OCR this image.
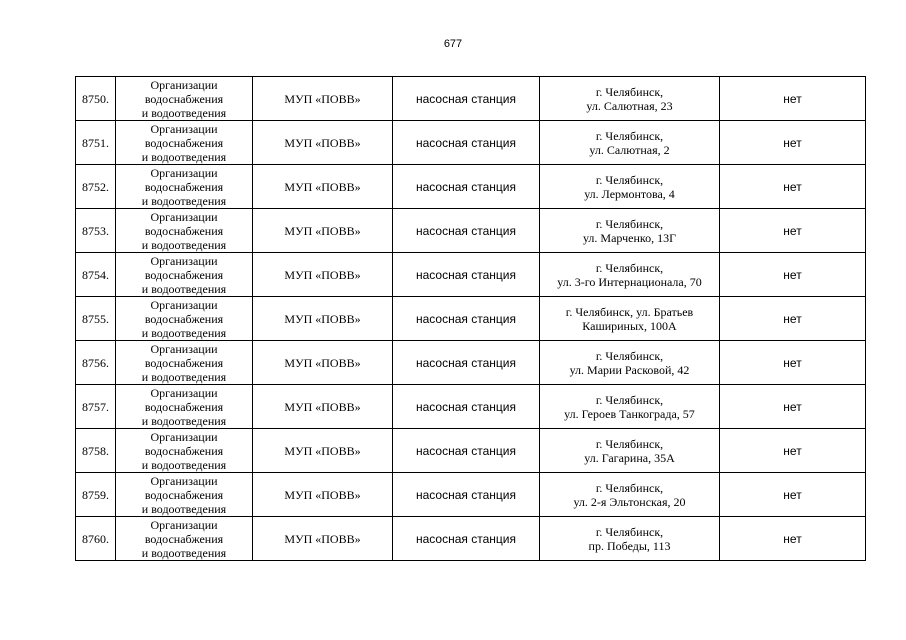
677
8750.	Организации
водоснабжения
и водоотведения	МУП «ПОВВ»	насосная станция	г. Челябинск,
ул. Салютная, 23	нет
8751.	Организации
водоснабжения
и водоотведения	МУП «ПОВВ»	насосная станция	г. Челябинск,
ул. Салютная, 2	нет
8752.	Организации
водоснабжения
и водоотведения	МУП «ПОВВ»	насосная станция	г. Челябинск,
ул. Лермонтова, 4	нет
8753.	Организации
водоснабжения
и водоотведения	МУП «ПОВВ»	насосная станция	г. Челябинск,
ул. Марченко, 13Г	нет
8754.	Организации
водоснабжения
и водоотведения	МУП «ПОВВ»	насосная станция	г. Челябинск,
ул. 3-го Интернационала, 70	нет
8755.	Организации
водоснабжения
и водоотведения	МУП «ПОВВ»	насосная станция	г. Челябинск, ул. Братьев
Кашириных, 100А	нет
8756.	Организации
водоснабжения
и водоотведения	МУП «ПОВВ»	насосная станция	г. Челябинск,
ул. Марии Расковой, 42	нет
8757.	Организации
водоснабжения
и водоотведения	МУП «ПОВВ»	насосная станция	г. Челябинск,
ул. Героев Танкограда, 57	нет
8758.	Организации
водоснабжения
и водоотведения	МУП «ПОВВ»	насосная станция	г. Челябинск,
ул. Гагарина, 35А	нет
8759.	Организации
водоснабжения
и водоотведения	МУП «ПОВВ»	насосная станция	г. Челябинск,
ул. 2-я Эльтонская, 20	нет
8760.	Организации
водоснабжения
и водоотведения	МУП «ПОВВ»	насосная станция	г. Челябинск,
пр. Победы, 113	нет
